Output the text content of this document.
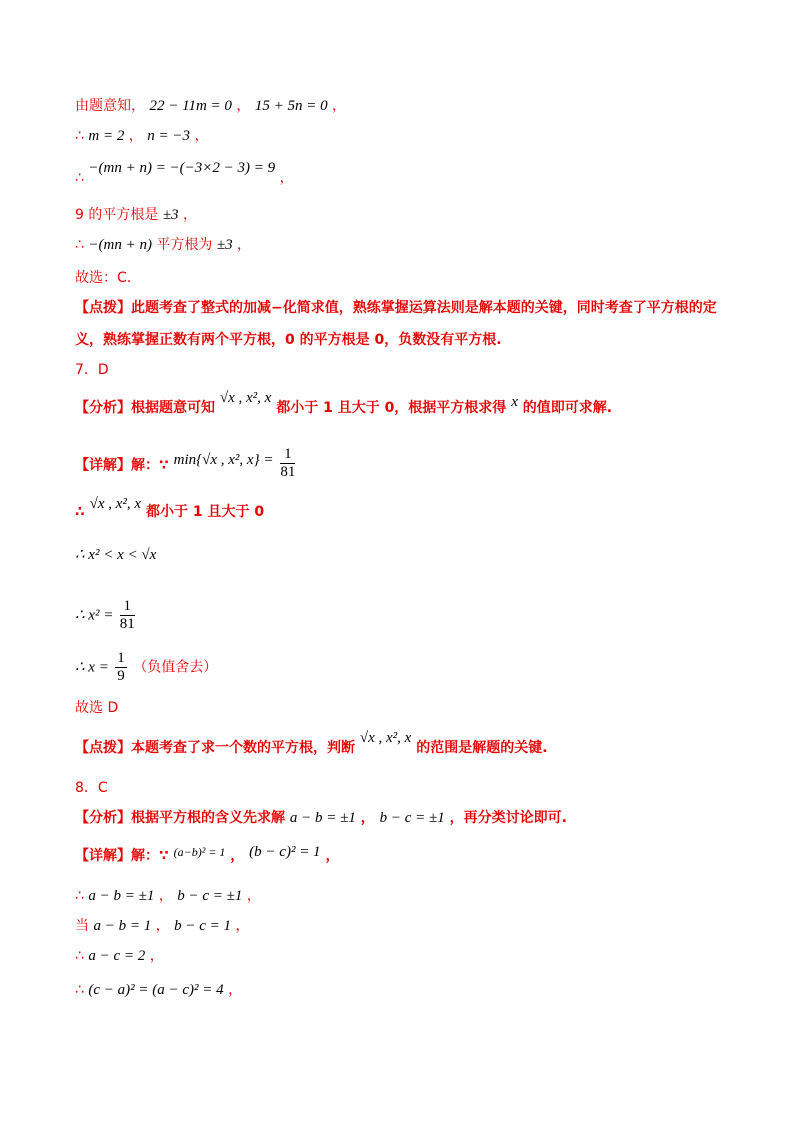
由题意知， 22 − 11m = 0 ， 15 + 5n = 0 ，
∴ m = 2 ， n = −3 ，
∴ −(mn + n) = −(−3×2 − 3) = 9 ，
9 的平方根是 ±3 ，
∴ −(mn + n) 平方根为 ±3 ，
故选：C.
【点拨】此题考查了整式的加减−化简求值，熟练掌握运算法则是解本题的关键，同时考查了平方根的定
义，熟练掌握正数有两个平方根，0 的平方根是 0，负数没有平方根.
7．D
【分析】根据题意可知 √x , x², x 都小于 1 且大于 0，根据平方根求得 x 的值即可求解.
【详解】解：∵ min{√x , x², $x\} = \frac{1}{81}$
∴ √x , x², x 都小于 1 且大于 0
∴ x² < x < √x
∴ $x^2 = \frac{1}{81}$
∴ $x = \frac{1}{9}$ （负值舍去）
故选 D
【点拨】本题考查了求一个数的平方根，判断 √x , x², x 的范围是解题的关键.
8．C
【分析】根据平方根的含义先求解 a − b = ±1 ， b − c = ±1 ，再分类讨论即可.
【详解】解：∵ (a−b)² = 1 ， (b − c)² = 1 ，
∴ a − b = ±1 ， b − c = ±1 ，
当 a − b = 1 ， b − c = 1 ，
∴ a − c = 2 ，
∴ (c − a)² = (a − c)² = 4 ，
